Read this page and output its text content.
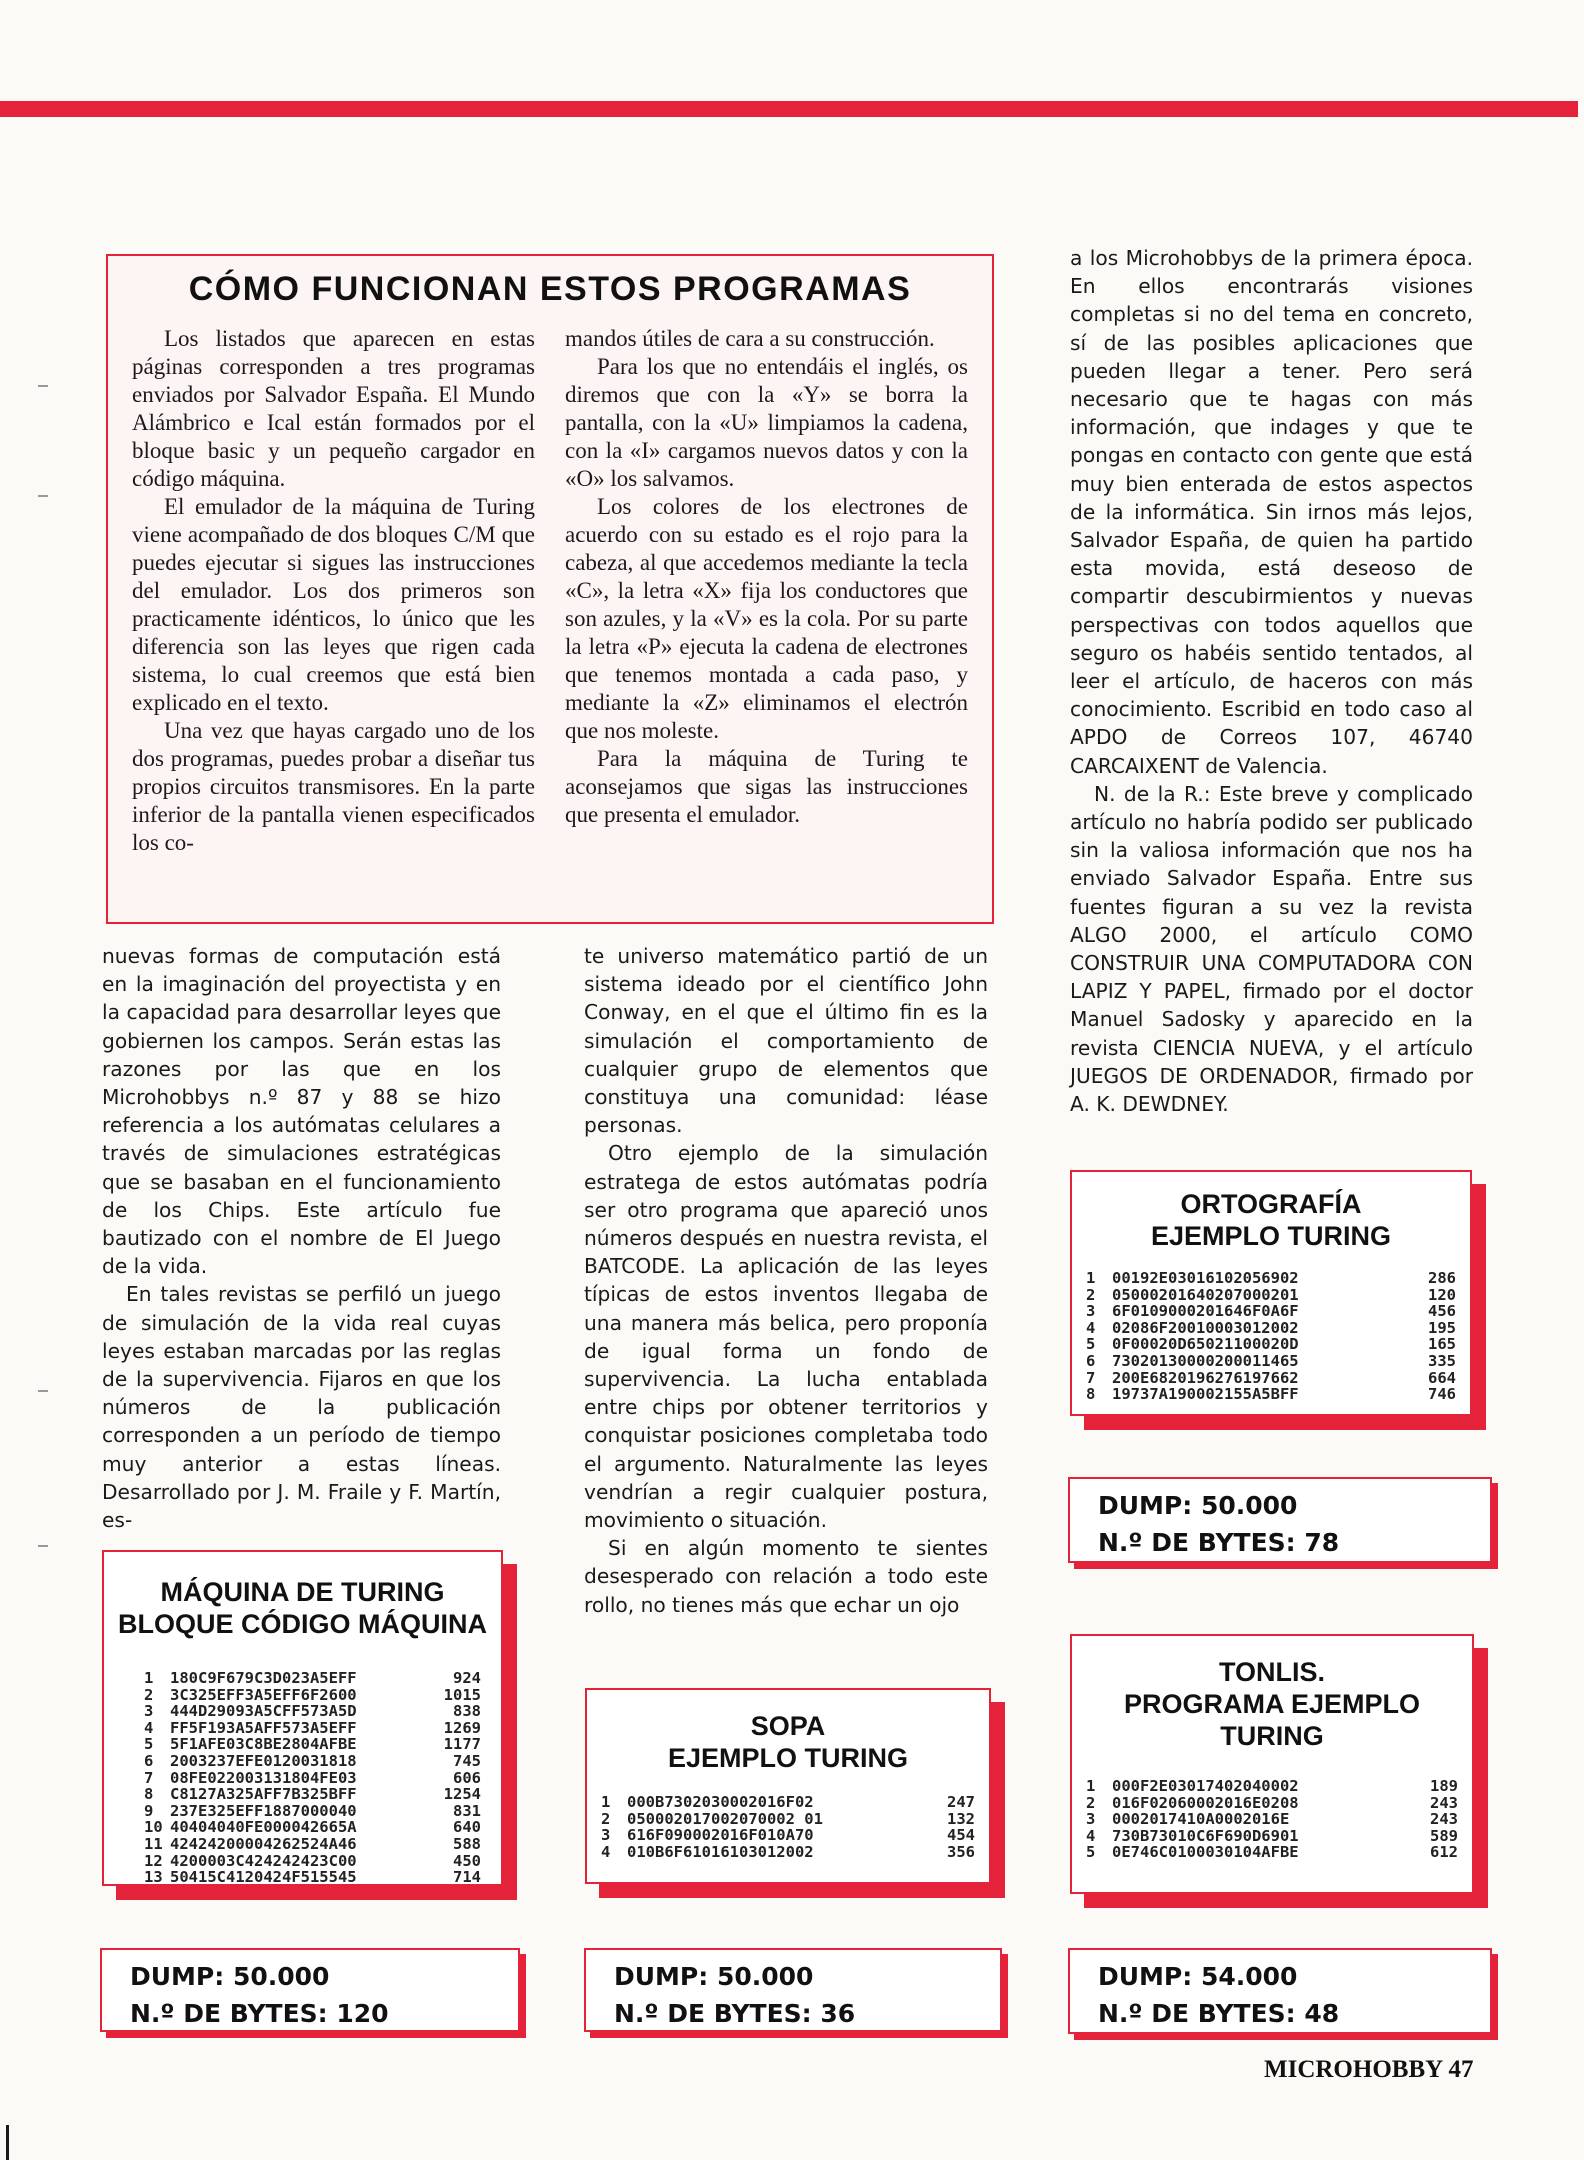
CÓMO FUNCIONAN ESTOS PROGRAMAS

Los listados que aparecen en estas páginas corresponden a tres programas enviados por Salvador España. El Mundo Alámbrico e Ical están formados por el bloque basic y un pequeño cargador en código máquina.

El emulador de la máquina de Turing viene acompañado de dos bloques C/M que puedes ejecutar si sigues las instrucciones del emulador. Los dos primeros son practicamente idénticos, lo único que les diferencia son las leyes que rigen cada sistema, lo cual creemos que está bien explicado en el texto.

Una vez que hayas cargado uno de los dos programas, puedes probar a diseñar tus propios circuitos transmisores. En la parte inferior de la pantalla vienen especificados los co-

mandos útiles de cara a su construcción.

Para los que no entendáis el inglés, os diremos que con la «Y» se borra la pantalla, con la «U» limpiamos la cadena, con la «I» cargamos nuevos datos y con la «O» los salvamos.

Los colores de los electrones de acuerdo con su estado es el rojo para la cabeza, al que accedemos mediante la tecla «C», la letra «X» fija los conductores que son azules, y la «V» es la cola. Por su parte la letra «P» ejecuta la cadena de electrones que tenemos montada a cada paso, y mediante la «Z» eliminamos el electrón que nos moleste.

Para la máquina de Turing te aconsejamos que sigas las instrucciones que presenta el emulador.

nuevas formas de computación está en la imaginación del proyectista y en la capacidad para desarrollar leyes que gobiernen los campos. Serán estas las razones por las que en los Microhobbys n.º 87 y 88 se hizo referencia a los autómatas celulares a través de simulaciones estratégicas que se basaban en el funcionamiento de los Chips. Este artículo fue bautizado con el nombre de El Juego de la vida.

En tales revistas se perfiló un juego de simulación de la vida real cuyas leyes estaban marcadas por las reglas de la supervivencia. Fijaros en que los números de la publicación corresponden a un período de tiempo muy anterior a estas líneas. Desarrollado por J. M. Fraile y F. Martín, es-

te universo matemático partió de un sistema ideado por el científico John Conway, en el que el último fin es la simulación el comportamiento de cualquier grupo de elementos que constituya una comunidad: léase personas.

Otro ejemplo de la simulación estratega de estos autómatas podría ser otro programa que apareció unos números después en nuestra revista, el BATCODE. La aplicación de las leyes típicas de estos inventos llegaba de una manera más belica, pero proponía de igual forma un fondo de supervivencia. La lucha entablada entre chips por obtener territorios y conquistar posiciones completaba todo el argumento. Naturalmente las leyes vendrían a regir cualquier postura, movimiento o situación.

Si en algún momento te sientes desesperado con relación a todo este rollo, no tienes más que echar un ojo

a los Microhobbys de la primera época. En ellos encontrarás visiones completas si no del tema en concreto, sí de las posibles aplicaciones que pueden llegar a tener. Pero será necesario que te hagas con más información, que indages y que te pongas en contacto con gente que está muy bien enterada de estos aspectos de la informática. Sin irnos más lejos, Salvador España, de quien ha partido esta movida, está deseoso de compartir descubirmientos y nuevas perspectivas con todos aquellos que seguro os habéis sentido tentados, al leer el artículo, de haceros con más conocimiento. Escribid en todo caso al APDO de Correos 107, 46740 CARCAIXENT de Valencia.

N. de la R.: Este breve y complicado artículo no habría podido ser publicado sin la valiosa información que nos ha enviado Salvador España. Entre sus fuentes figuran a su vez la revista ALGO 2000, el artículo COMO CONSTRUIR UNA COMPUTADORA CON LAPIZ Y PAPEL, firmado por el doctor Manuel Sadosky y aparecido en la revista CIENCIA NUEVA, y el artículo JUEGOS DE ORDENADOR, firmado por A. K. DEWDNEY.

MÁQUINA DE TURING
BLOQUE CÓDIGO MÁQUINA
1	180C9F679C3D023A5EFF	924
2	3C325EFF3A5EFF6F2600	1015
3	444D29093A5CFF573A5D	838
4	FF5F193A5AFF573A5EFF	1269
5	5F1AFE03C8BE2804AFBE	1177
6	2003237EFE0120031818	745
7	08FE022003131804FE03	606
8	C8127A325AFF7B325BFF	1254
9	237E325EFF1887000040	831
10 40404040FE000042665A	640
11 42424200004262524A46	588
12 4200003C424242423C00	450
13 50415C4120424F515545	714
SOPA
EJEMPLO TURING
1	000B7302030002016F02	247
2	050002017002070002 01	132
3	616F090002016F010A70	454
4	010B6F61016103012002	356
ORTOGRAFÍA
EJEMPLO TURING
1	00192E03016102056902	286
2	05000201640207000201	120
3	6F0109000201646F0A6F	456
4	02086F20010003012002	195
5	0F00020D65021100020D	165
6	73020130000200011465	335
7	200E6820196276197662	664
8	19737A190002155A5BFF	746
TONLIS.
PROGRAMA EJEMPLO
TURING
1	000F2E03017402040002	189
2	016F02060002016E0208	243
3	0002017410A0002016E	243
4	730B73010C6F690D6901	589
5	0E746C0100030104AFBE	612
DUMP: 50.000
N.º DE BYTES: 120
DUMP: 50.000
N.º DE BYTES: 36
DUMP: 50.000
N.º DE BYTES: 78
DUMP: 54.000
N.º DE BYTES: 48
MICROHOBBY 47
